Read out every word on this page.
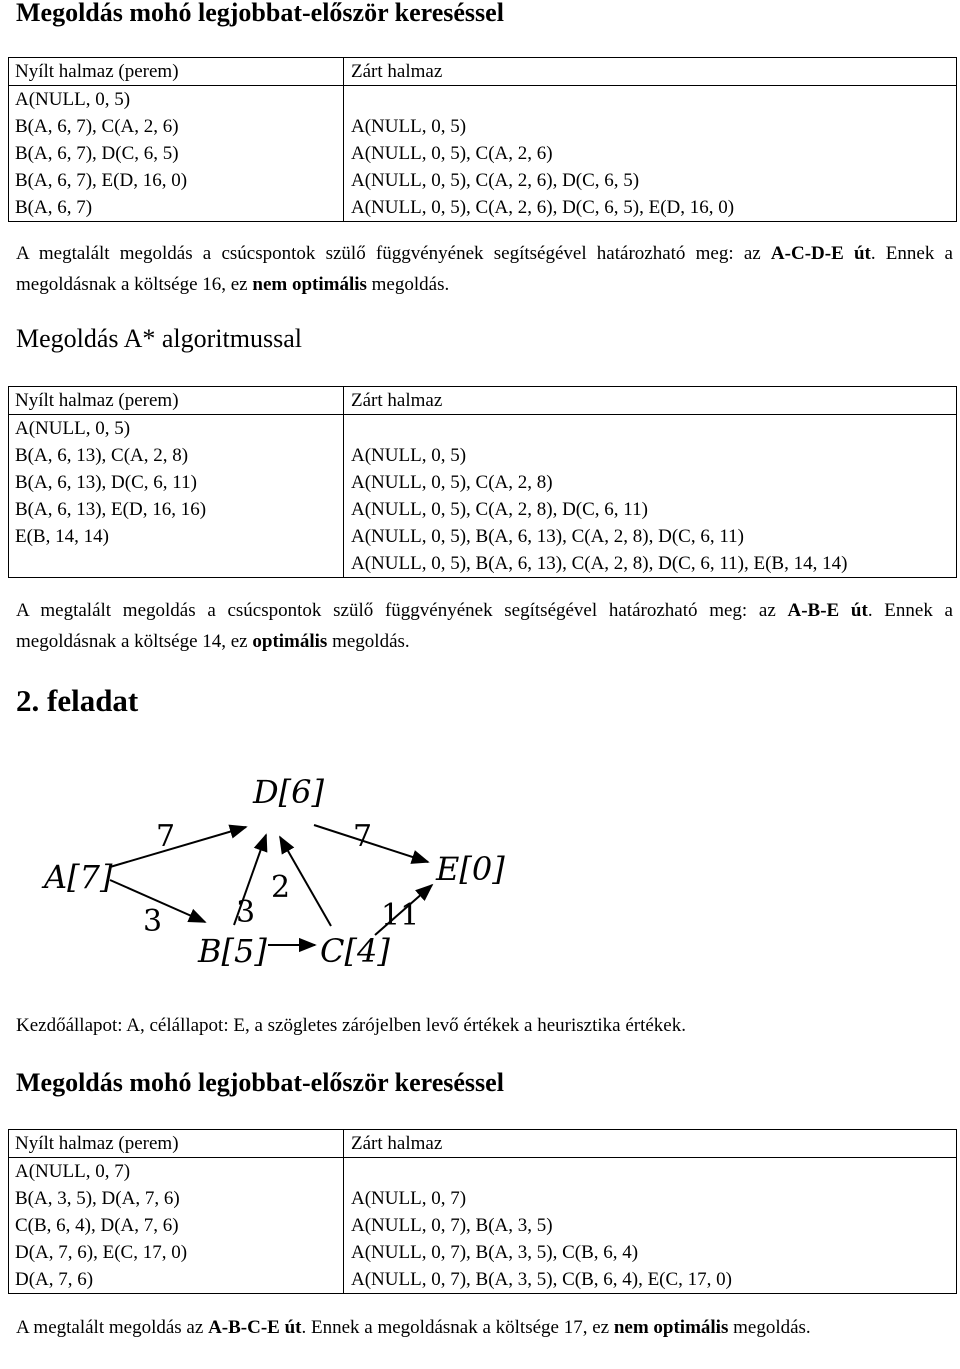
Megoldás mohó legjobbat-először kereséssel
Nyílt halmaz (perem)	Zárt halmaz
A(NULL, 0, 5)	
B(A, 6, 7), C(A, 2, 6)	A(NULL, 0, 5)
B(A, 6, 7), D(C, 6, 5)	A(NULL, 0, 5), C(A, 2, 6)
B(A, 6, 7), E(D, 16, 0)	A(NULL, 0, 5), C(A, 2, 6), D(C, 6, 5)
B(A, 6, 7)	A(NULL, 0, 5), C(A, 2, 6), D(C, 6, 5), E(D, 16, 0)

A megtalált megoldás a csúcspontok szülő függvényének segítségével határozható meg: az A-C-D-E út. Ennek a megoldásnak a költsége 16, ez nem optimális megoldás.

Megoldás A* algoritmussal
Nyílt halmaz (perem)	Zárt halmaz
A(NULL, 0, 5)	
B(A, 6, 13), C(A, 2, 8)	A(NULL, 0, 5)
B(A, 6, 13), D(C, 6, 11)	A(NULL, 0, 5), C(A, 2, 8)
B(A, 6, 13), E(D, 16, 16)	A(NULL, 0, 5), C(A, 2, 8), D(C, 6, 11)
E(B, 14, 14)	A(NULL, 0, 5), B(A, 6, 13), C(A, 2, 8), D(C, 6, 11)
	A(NULL, 0, 5), B(A, 6, 13), C(A, 2, 8), D(C, 6, 11), E(B, 14, 14)

A megtalált megoldás a csúcspontok szülő függvényének segítségével határozható meg: az A-B-E út. Ennek a megoldásnak a költsége 14, ez optimális megoldás.

2. feladat
A[7]
B[5] C[4]
D[6]
E[0]
7
3 3
2
7
11

Kezdőállapot: A, célállapot: E, a szögletes zárójelben levő értékek a heurisztika értékek.

Megoldás mohó legjobbat-először kereséssel
Nyílt halmaz (perem)	Zárt halmaz
A(NULL, 0, 7)	
B(A, 3, 5), D(A, 7, 6)	A(NULL, 0, 7)
C(B, 6, 4), D(A, 7, 6)	A(NULL, 0, 7), B(A, 3, 5)
D(A, 7, 6), E(C, 17, 0)	A(NULL, 0, 7), B(A, 3, 5), C(B, 6, 4)
D(A, 7, 6)	A(NULL, 0, 7), B(A, 3, 5), C(B, 6, 4), E(C, 17, 0)

A megtalált megoldás az A-B-C-E út. Ennek a megoldásnak a költsége 17, ez nem optimális megoldás.
